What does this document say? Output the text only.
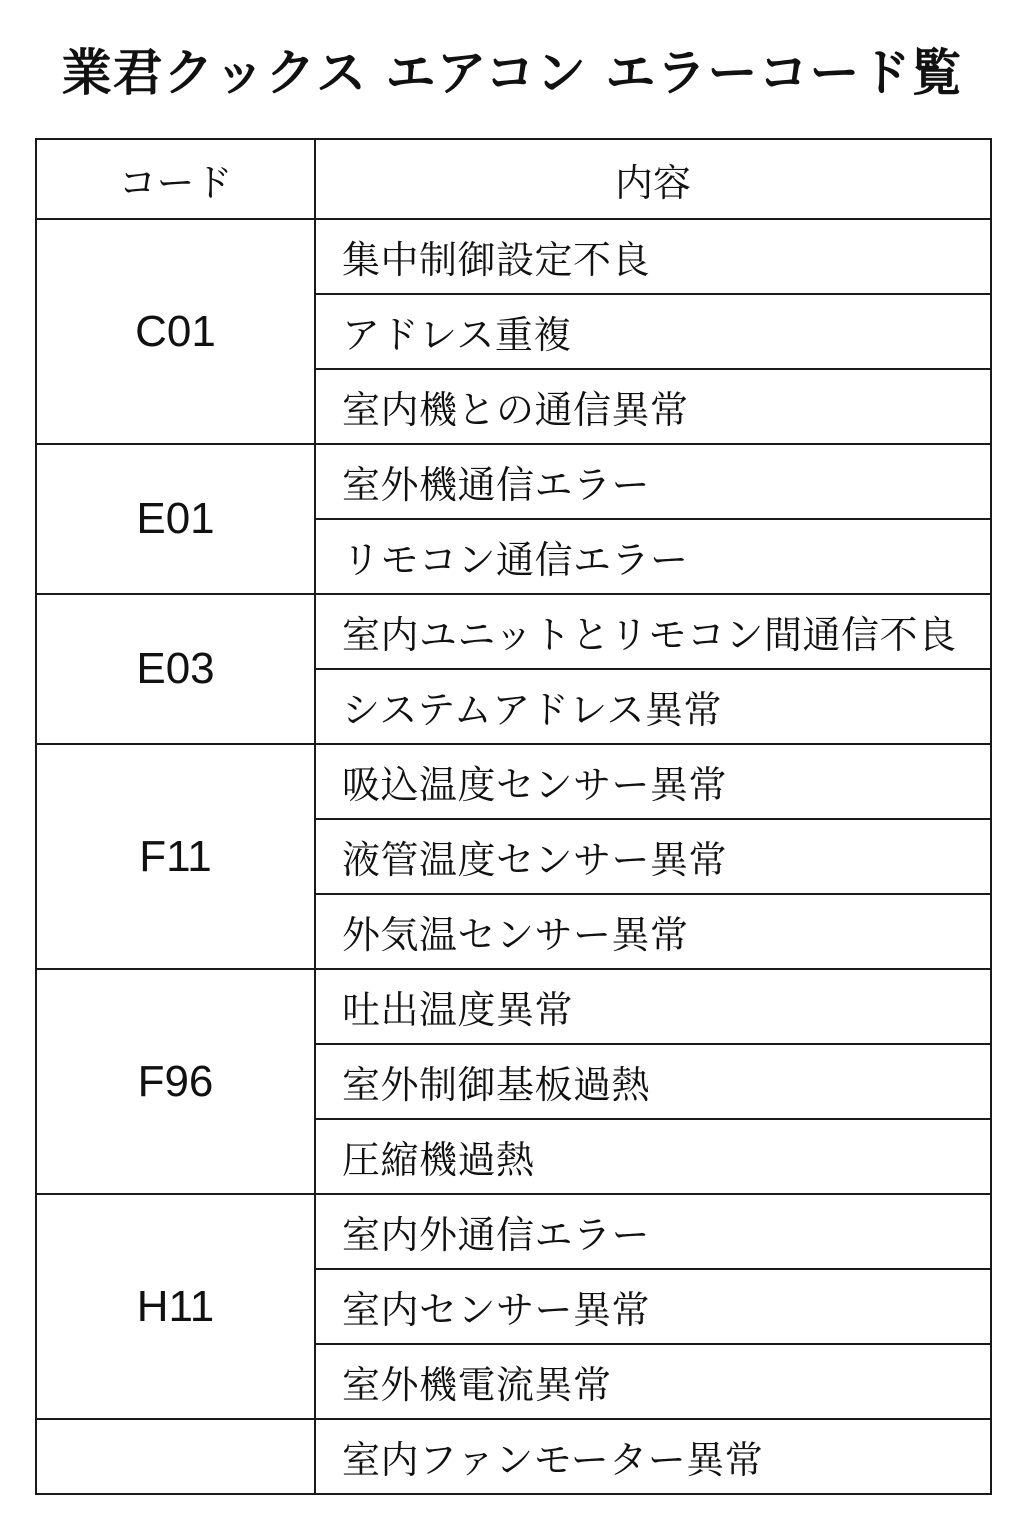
業君クックス エアコン エラーコード覧
コード	内容
C01	集中制御設定不良
	アドレス重複
	室内機との通信異常
E01	室外機通信エラー
	リモコン通信エラー
E03	室内ユニットとリモコン間通信不良
	システムアドレス異常
F11	吸込温度センサー異常
	液管温度センサー異常
	外気温センサー異常
F96	吐出温度異常
	室外制御基板過熱
	圧縮機過熱
H11	室内外通信エラー
	室内センサー異常
	室外機電流異常
	室内ファンモーター異常
